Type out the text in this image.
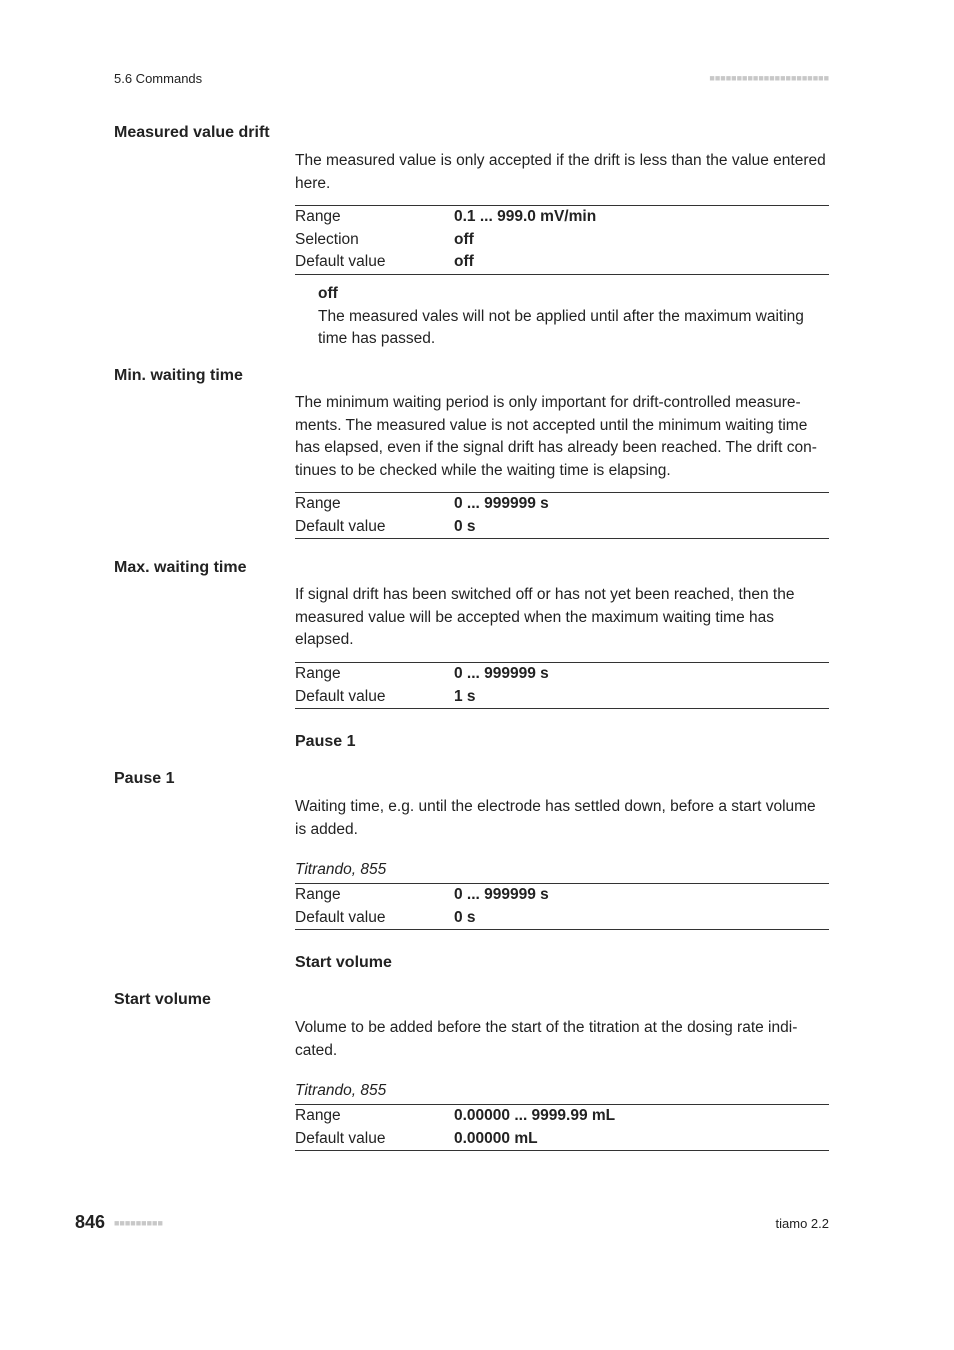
5.6 Commands	■■■■■■■■■■■■■■■■■■■■■■
Measured value drift
The measured value is only accepted if the drift is less than the value entered here.
Range	0.1 ... 999.0 mV/min
Selection	off
Default value	off
off
The measured vales will not be applied until after the maximum waiting time has passed.
Min. waiting time
The minimum waiting period is only important for drift-controlled measure-ments. The measured value is not accepted until the minimum waiting time has elapsed, even if the signal drift has already been reached. The drift con-tinues to be checked while the waiting time is elapsing.
Range	0 ... 999999 s
Default value	0 s
Max. waiting time
If signal drift has been switched off or has not yet been reached, then the measured value will be accepted when the maximum waiting time has elapsed.
Range	0 ... 999999 s
Default value	1 s
Pause 1
Pause 1
Waiting time, e.g. until the electrode has settled down, before a start volume is added.
Titrando, 855
Range	0 ... 999999 s
Default value	0 s
Start volume
Start volume
Volume to be added before the start of the titration at the dosing rate indi-cated.
Titrando, 855
Range	0.00000 ... 9999.99 mL
Default value	0.00000 mL
846 ■■■■■■■■■	tiamo 2.2
